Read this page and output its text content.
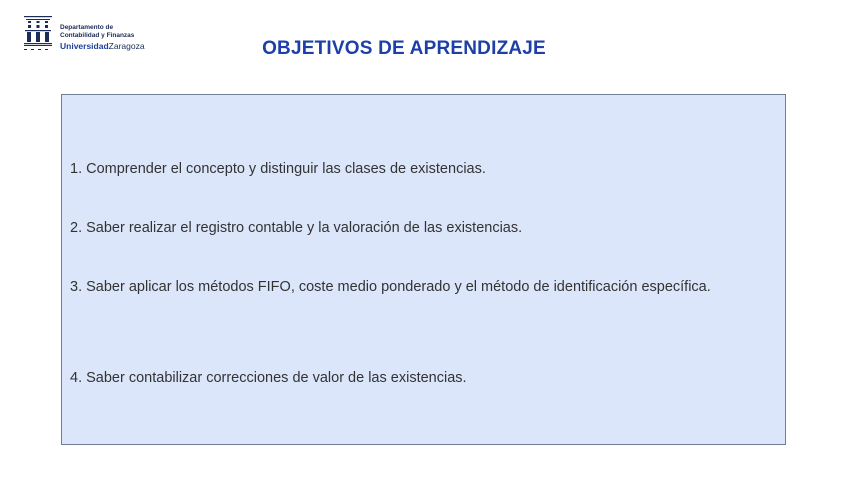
Departamento de
Contabilidad y Finanzas
UniversidadZaragoza	OBJETIVOS DE APRENDIZAJE
1. Comprender el concepto y distinguir las clases de existencias.
2. Saber realizar el registro contable y la valoración de las existencias.
3. Saber aplicar los métodos FIFO, coste medio ponderado y el método de identificación específica.
4. Saber contabilizar correcciones de valor de las existencias.
